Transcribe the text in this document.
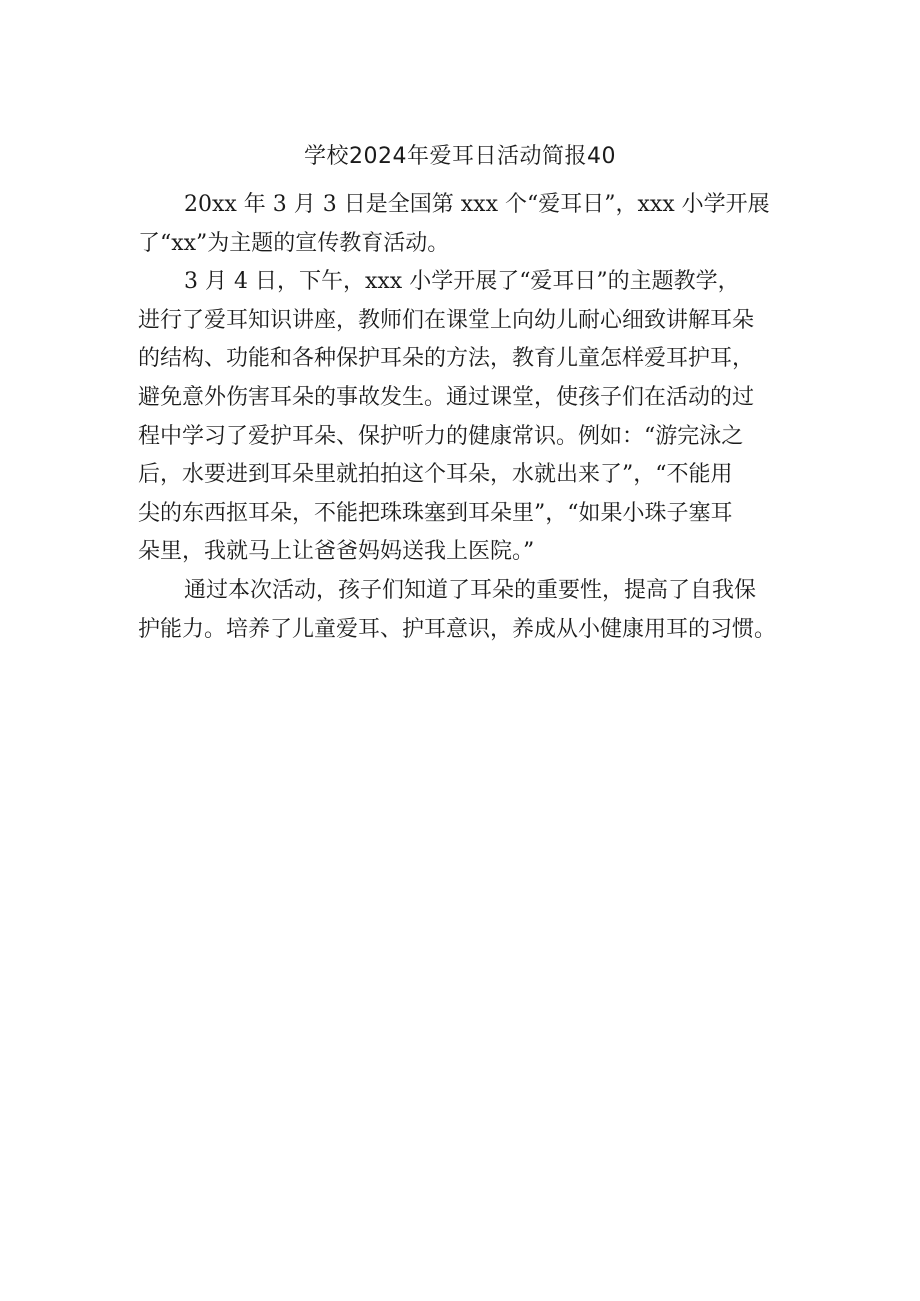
学校2024年爱耳日活动简报40
20xx 年 3 月 3 日是全国第 xxx 个“爱耳日”，xxx 小学开展
了“xx”为主题的宣传教育活动。
3 月 4 日，下午，xxx 小学开展了“爱耳日”的主题教学，
进行了爱耳知识讲座，教师们在课堂上向幼儿耐心细致讲解耳朵
的结构、功能和各种保护耳朵的方法，教育儿童怎样爱耳护耳，
避免意外伤害耳朵的事故发生。通过课堂，使孩子们在活动的过
程中学习了爱护耳朵、保护听力的健康常识。例如：“游完泳之
后，水要进到耳朵里就拍拍这个耳朵，水就出来了”，“不能用
尖的东西抠耳朵，不能把珠珠塞到耳朵里”，“如果小珠子塞耳
朵里，我就马上让爸爸妈妈送我上医院。”
通过本次活动，孩子们知道了耳朵的重要性，提高了自我保
护能力。培养了儿童爱耳、护耳意识，养成从小健康用耳的习惯。
